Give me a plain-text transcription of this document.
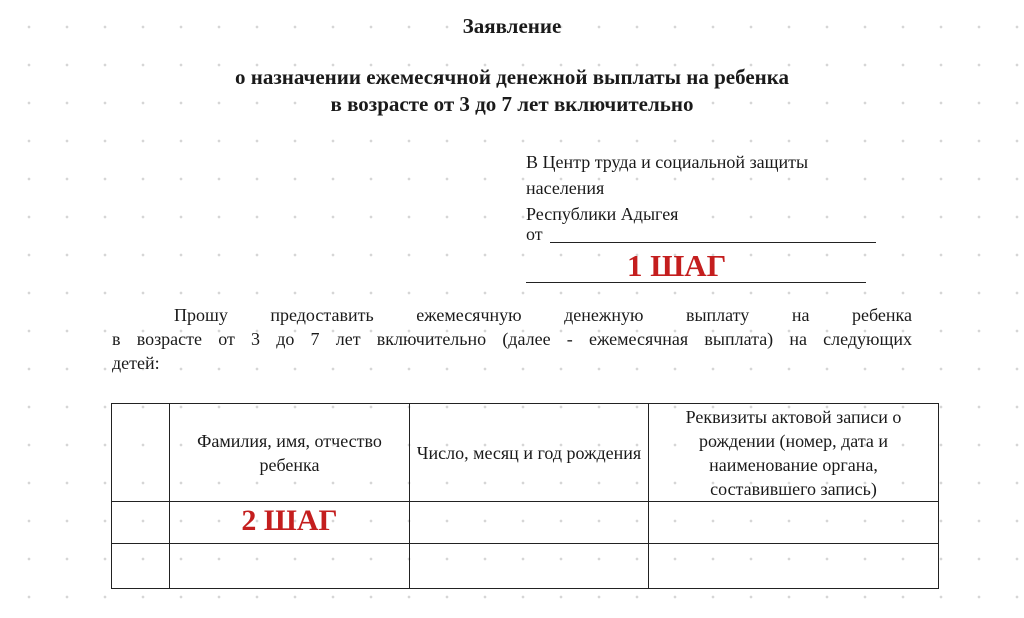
Заявление
о назначении ежемесячной денежной выплаты на ребенка
в возрасте от 3 до 7 лет включительно
В Центр труда и социальной защиты
населения
Республики Адыгея
от
1 ШАГ
Прошу предоставить ежемесячную денежную выплату на ребенка
в возрасте от 3 до 7 лет включительно (далее - ежемесячная выплата) на следующих
детей:
	Фамилия, имя, отчество ребенка	Число, месяц и год рождения	Реквизиты актовой записи о рождении (номер, дата и наименование органа, составившего запись)
	2 ШАГ		
